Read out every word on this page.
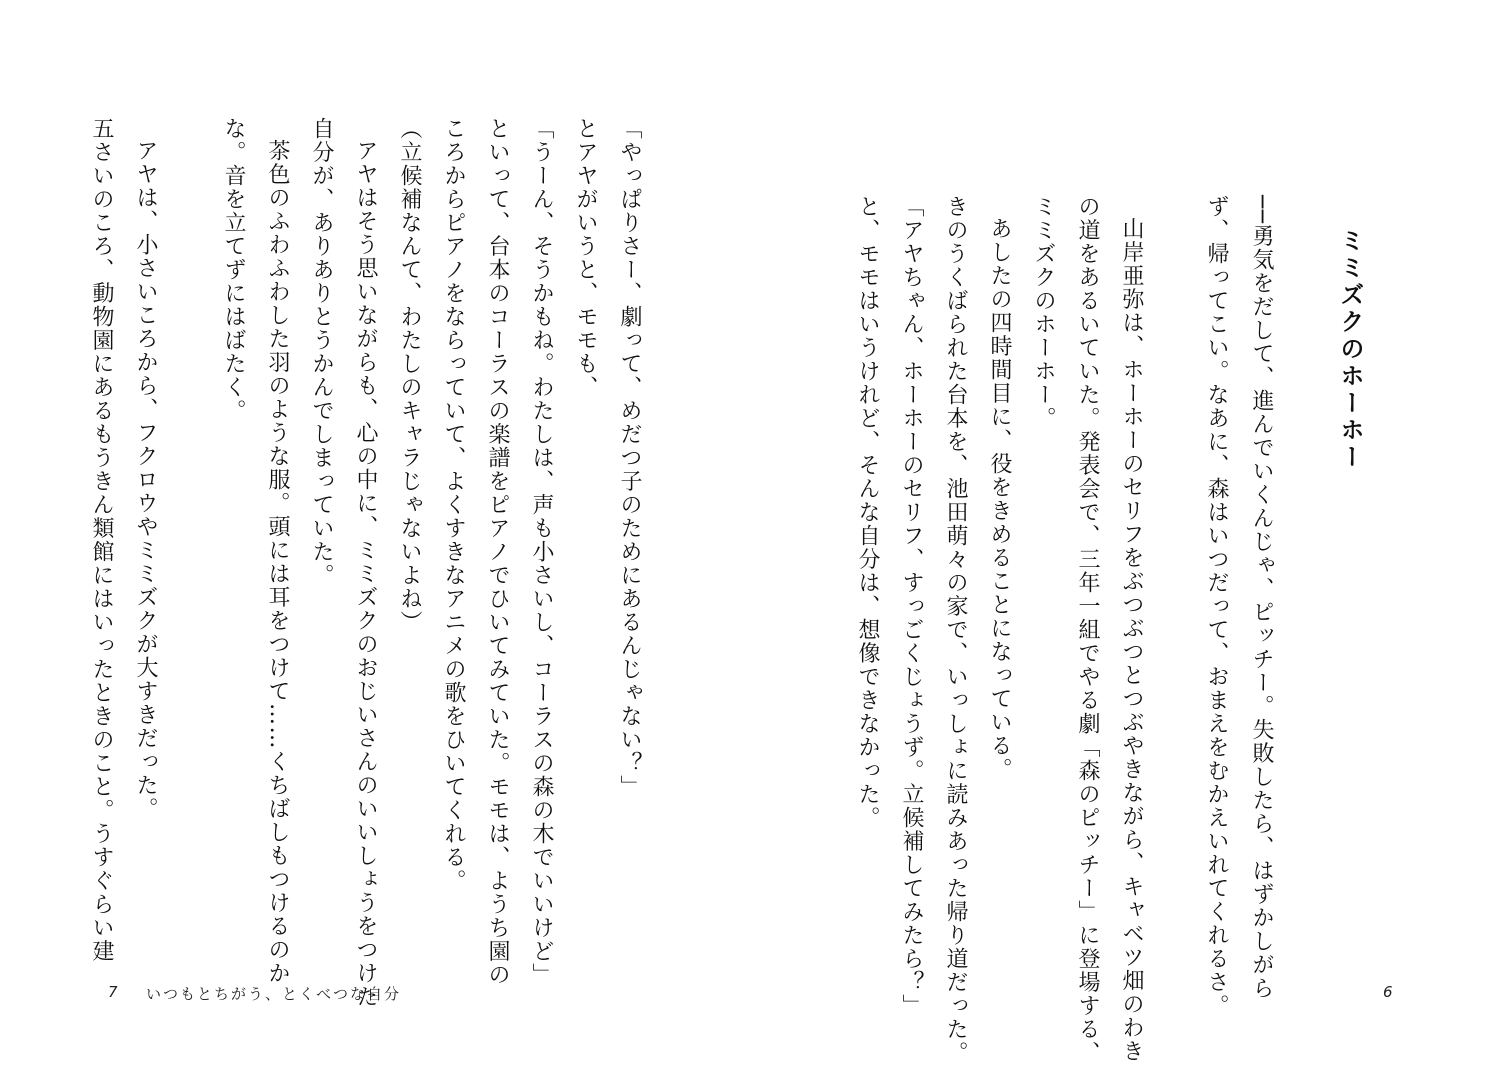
ミミズクのホーホー
──勇気をだして、進んでいくんじゃ、ピッチー。失敗したら、はずかしがら
ず、帰ってこい。なあに、森はいつだって、おまえをむかえいれてくれるさ。
山岸亜弥は、ホーホーのセリフをぶつぶつとつぶやきながら、キャベツ畑のわき
の道をあるいていた。発表会で、三年一組でやる劇「森のピッチー」に登場する、
ミミズクのホーホー。
あしたの四時間目に、役をきめることになっている。
きのうくばられた台本を、池田萌々の家で、いっしょに読みあった帰り道だった。
「アヤちゃん、ホーホーのセリフ、すっごくじょうず。立候補してみたら？」
と、モモはいうけれど、そんな自分は、想像できなかった。
6
「やっぱりさー、劇って、めだつ子のためにあるんじゃない？」
とアヤがいうと、モモも、
「うーん、そうかもね。わたしは、声も小さいし、コーラスの森の木でいいけど」
といって、台本のコーラスの楽譜をピアノでひいてみていた。モモは、ようち園の
ころからピアノをならっていて、よくすきなアニメの歌をひいてくれる。
（立候補なんて、わたしのキャラじゃないよね）
アヤはそう思いながらも、心の中に、ミミズクのおじいさんのいいしょうをつけた
自分が、ありありとうかんでしまっていた。
茶色のふわふわした羽のような服。頭には耳をつけて……くちばしもつけるのか
な。音を立てずにはばたく。
アヤは、小さいころから、フクロウやミミズクが大すきだった。
五さいのころ、動物園にあるもうきん類館にはいったときのこと。うすぐらい建
7 いつもとちがう、とくべつな自分
